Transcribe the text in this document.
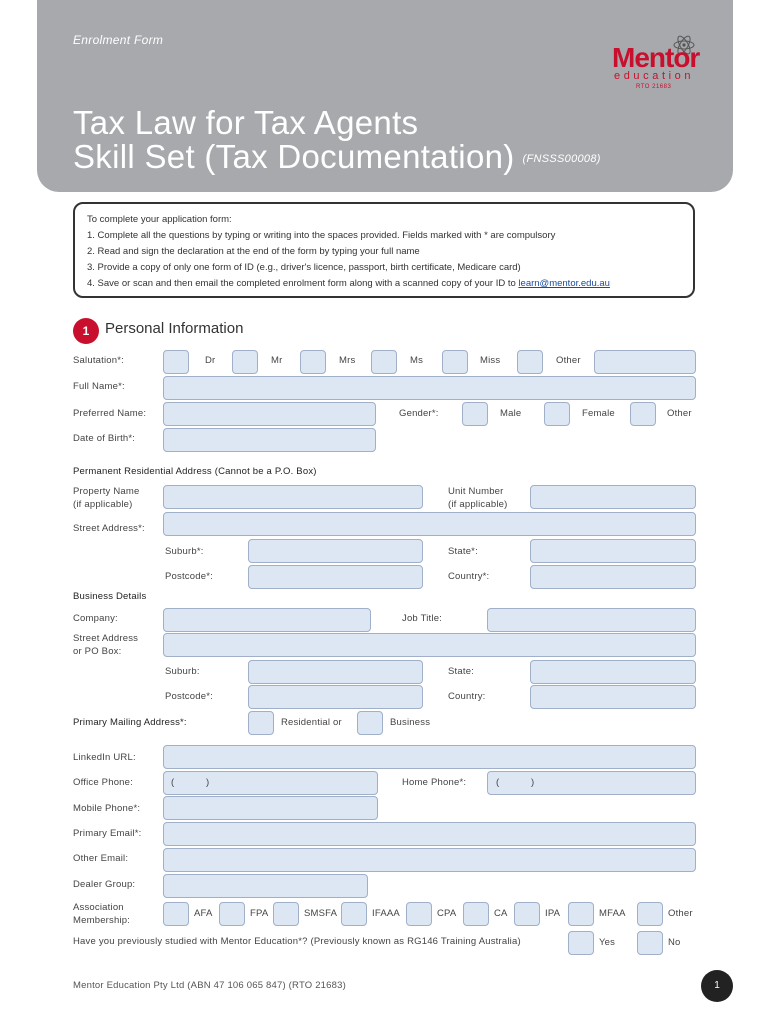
Enrolment Form
Tax Law for Tax Agents
Skill Set (Tax Documentation) (FNSSS00008)
Mentor
education
RTO 21683
To complete your application form:
1. Complete all the questions by typing or writing into the spaces provided. Fields marked with * are compulsory
2. Read and sign the declaration at the end of the form by typing your full name
3. Provide a copy of only one form of ID (e.g., driver's licence, passport, birth certificate, Medicare card)
4. Save or scan and then email the completed enrolment form along with a scanned copy of your ID to learn@mentor.edu.au
1	Personal Information
Salutation*:	Dr	Mr	Mrs	Ms	Miss	Other
Full Name*:
Preferred Name:	Gender*:	Male	Female	Other
Date of Birth*:
Permanent Residential Address (Cannot be a P.O. Box)
Property Name
(if applicable)
Unit Number
(if applicable)
Street Address*:
Suburb*:	State*:
Postcode*:	Country*:
Business Details
Company:	Job Title:
Street Address
or PO Box:
Suburb:	State:
Postcode*:	Country:
Primary Mailing Address*:	Residential or	Business
LinkedIn URL:
Office Phone:	(	)	Home Phone*:	(	)
Mobile Phone*:
Primary Email*:
Other Email:
Dealer Group:
Association
Membership:
AFA	FPA	SMSFA	IFAAA	CPA	CA	IPA	MFAA	Other
Have you previously studied with Mentor Education*? (Previously known as RG146 Training Australia)	Yes	No
Mentor Education Pty Ltd (ABN 47 106 065 847) (RTO 21683)	1
